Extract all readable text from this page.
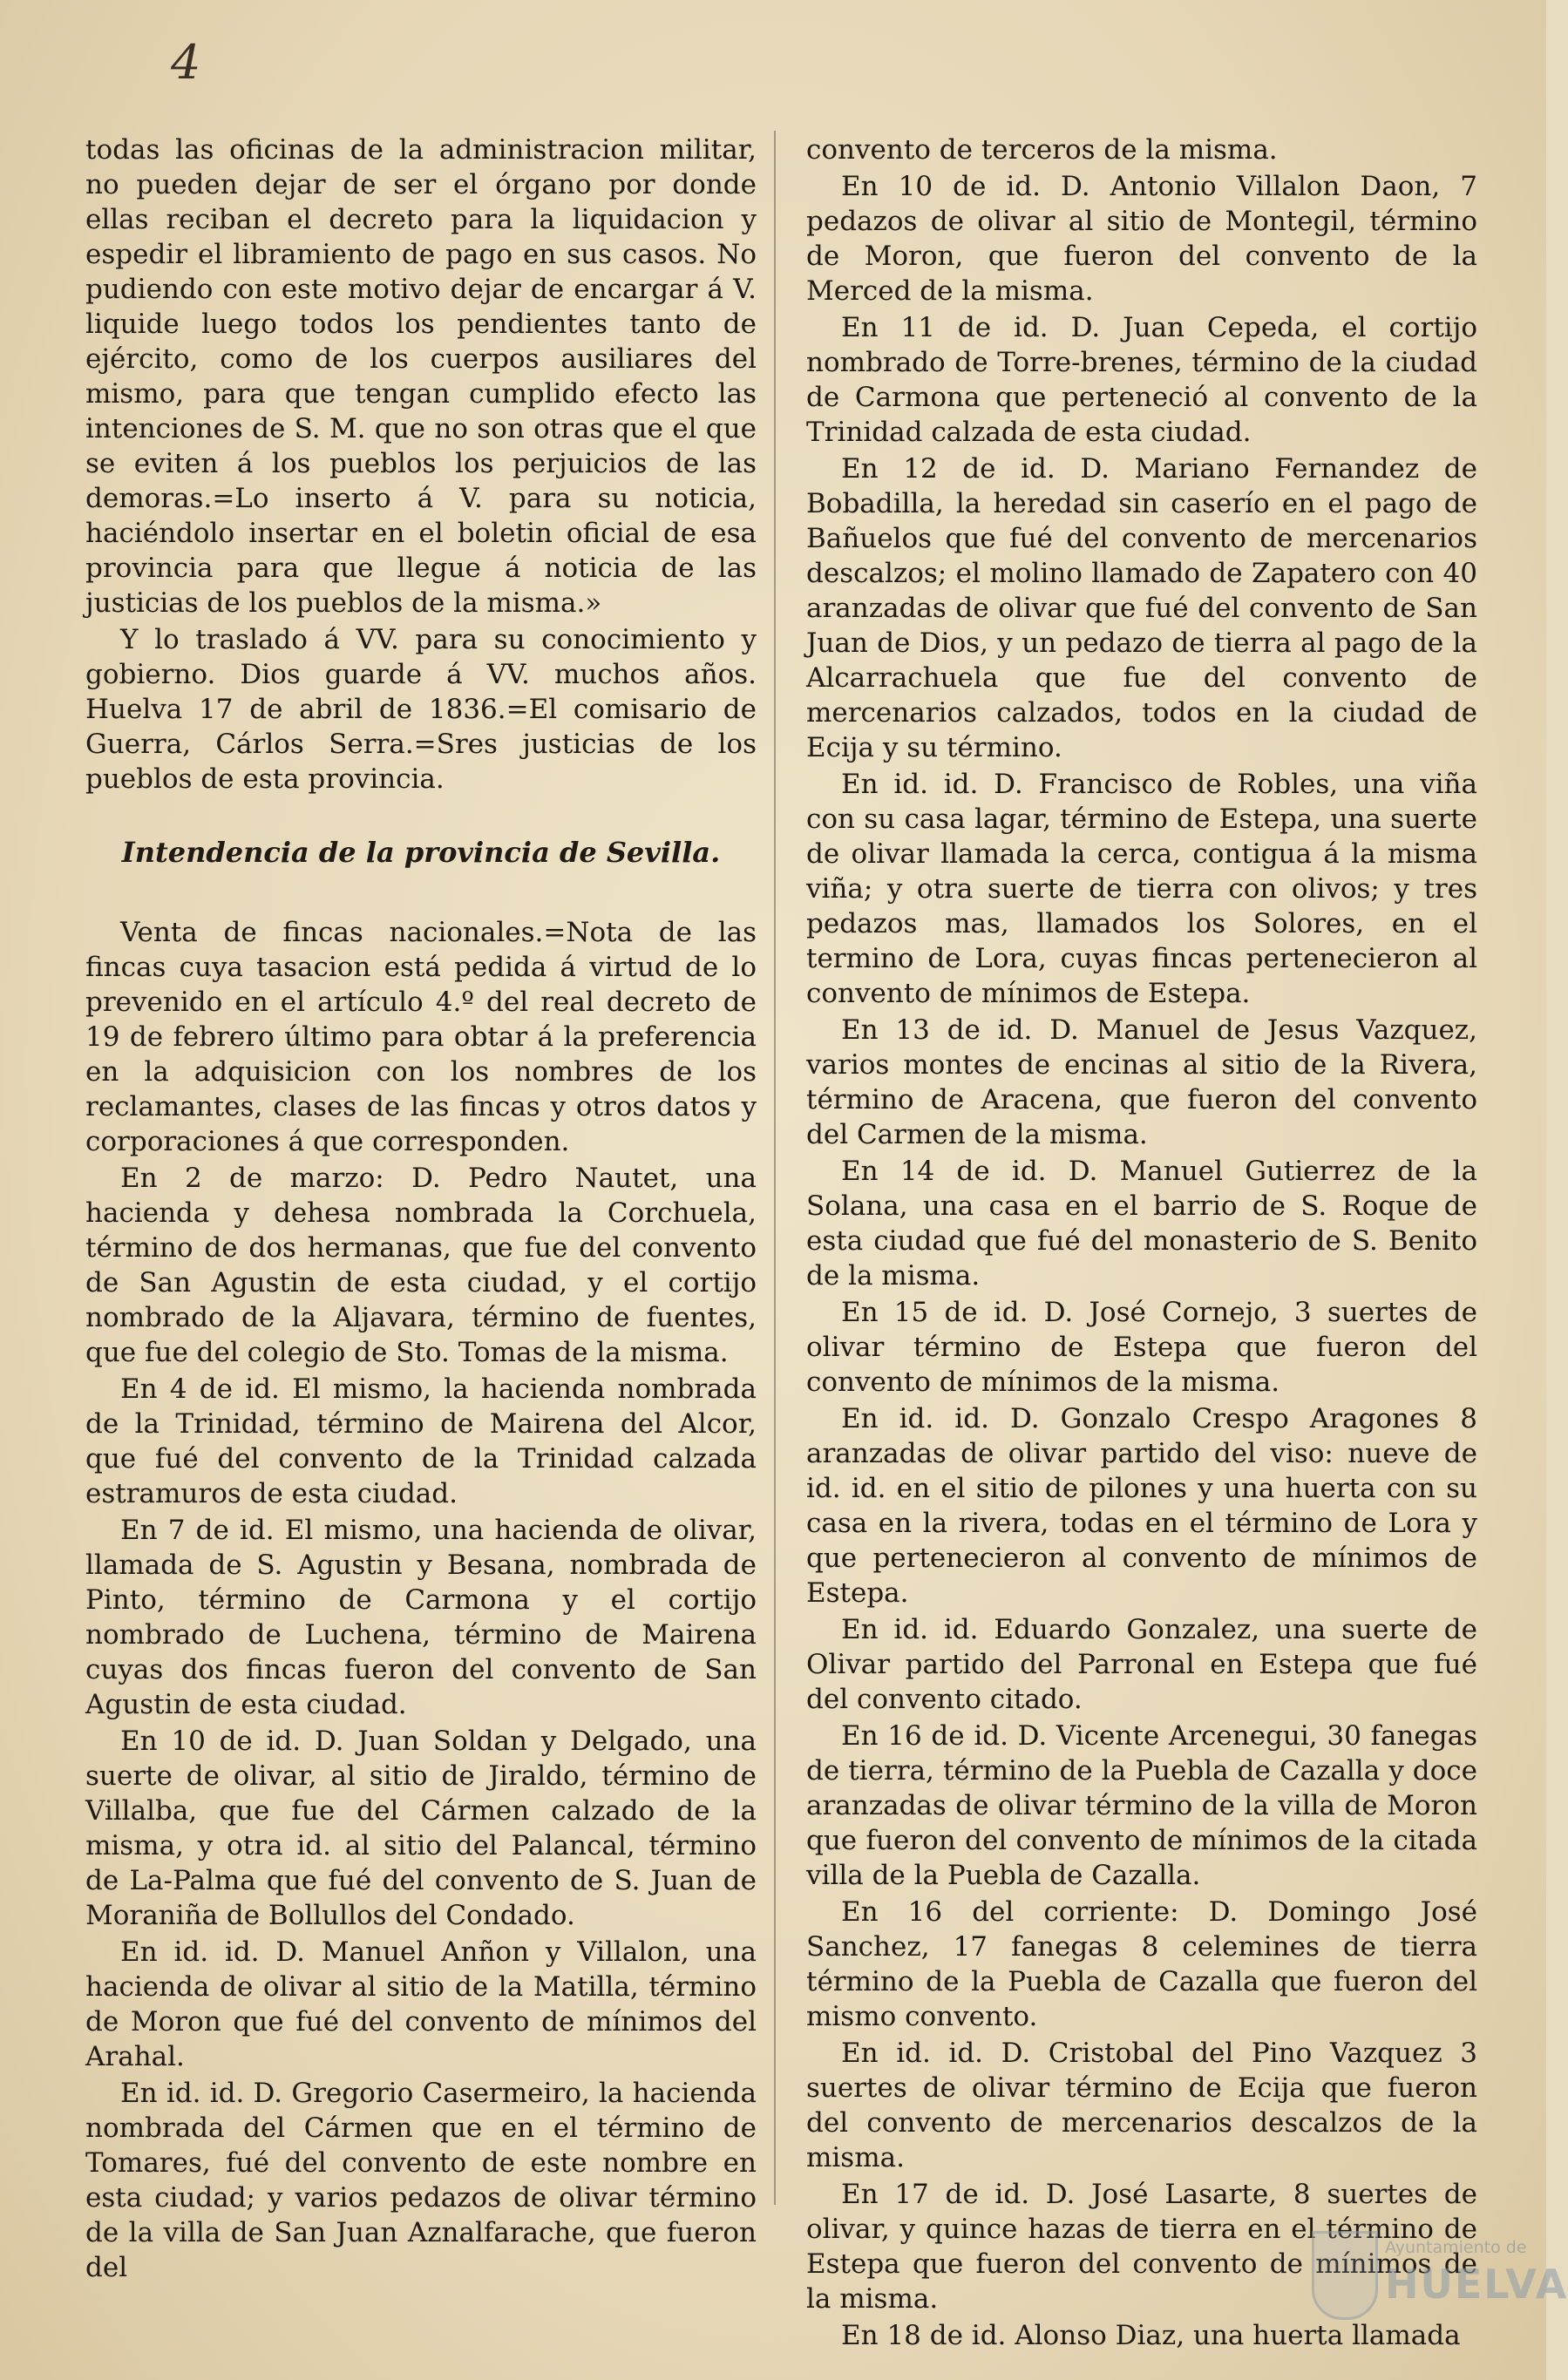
4

todas las oficinas de la administracion militar, no pueden dejar de ser el órgano por donde ellas reciban el decreto para la liquidacion y espedir el libramiento de pago en sus casos. No pudiendo con este motivo dejar de encargar á V. liquide luego todos los pendientes tanto de ejército, como de los cuerpos ausiliares del mismo, para que tengan cumplido efecto las intenciones de S. M. que no son otras que el que se eviten á los pueblos los perjuicios de las demoras.=Lo inserto á V. para su noticia, haciéndolo insertar en el boletin oficial de esa provincia para que llegue á noticia de las justicias de los pueblos de la misma.»

Y lo traslado á VV. para su conocimiento y gobierno. Dios guarde á VV. muchos años. Huelva 17 de abril de 1836.=El comisario de Guerra, Cárlos Serra.=Sres justicias de los pueblos de esta provincia.

Intendencia de la provincia de Sevilla.

Venta de fincas nacionales.=Nota de las fincas cuya tasacion está pedida á virtud de lo prevenido en el artículo 4.º del real decreto de 19 de febrero último para obtar á la preferencia en la adquisicion con los nombres de los reclamantes, clases de las fincas y otros datos y corporaciones á que corresponden.

En 2 de marzo: D. Pedro Nautet, una hacienda y dehesa nombrada la Corchuela, término de dos hermanas, que fue del convento de San Agustin de esta ciudad, y el cortijo nombrado de la Aljavara, término de fuentes, que fue del colegio de Sto. Tomas de la misma.

En 4 de id. El mismo, la hacienda nombrada de la Trinidad, término de Mairena del Alcor, que fué del convento de la Trinidad calzada estramuros de esta ciudad.

En 7 de id. El mismo, una hacienda de olivar, llamada de S. Agustin y Besana, nombrada de Pinto, término de Carmona y el cortijo nombrado de Luchena, término de Mairena cuyas dos fincas fueron del convento de San Agustin de esta ciudad.

En 10 de id. D. Juan Soldan y Delgado, una suerte de olivar, al sitio de Jiraldo, término de Villalba, que fue del Cármen calzado de la misma, y otra id. al sitio del Palancal, término de La-Palma que fué del convento de S. Juan de Moraniña de Bollullos del Condado.

En id. id. D. Manuel Anñon y Villalon, una hacienda de olivar al sitio de la Matilla, término de Moron que fué del convento de mínimos del Arahal.

En id. id. D. Gregorio Casermeiro, la hacienda nombrada del Cármen que en el término de Tomares, fué del convento de este nombre en esta ciudad; y varios pedazos de olivar término de la villa de San Juan Aznalfarache, que fueron del

convento de terceros de la misma.

En 10 de id. D. Antonio Villalon Daon, 7 pedazos de olivar al sitio de Montegil, término de Moron, que fueron del convento de la Merced de la misma.

En 11 de id. D. Juan Cepeda, el cortijo nombrado de Torre-brenes, término de la ciudad de Carmona que perteneció al convento de la Trinidad calzada de esta ciudad.

En 12 de id. D. Mariano Fernandez de Bobadilla, la heredad sin caserío en el pago de Bañuelos que fué del convento de mercenarios descalzos; el molino llamado de Zapatero con 40 aranzadas de olivar que fué del convento de San Juan de Dios, y un pedazo de tierra al pago de la Alcarrachuela que fue del convento de mercenarios calzados, todos en la ciudad de Ecija y su término.

En id. id. D. Francisco de Robles, una viña con su casa lagar, término de Estepa, una suerte de olivar llamada la cerca, contigua á la misma viña; y otra suerte de tierra con olivos; y tres pedazos mas, llamados los Solores, en el termino de Lora, cuyas fincas pertenecieron al convento de mínimos de Estepa.

En 13 de id. D. Manuel de Jesus Vazquez, varios montes de encinas al sitio de la Rivera, término de Aracena, que fueron del convento del Carmen de la misma.

En 14 de id. D. Manuel Gutierrez de la Solana, una casa en el barrio de S. Roque de esta ciudad que fué del monasterio de S. Benito de la misma.

En 15 de id. D. José Cornejo, 3 suertes de olivar término de Estepa que fueron del convento de mínimos de la misma.

En id. id. D. Gonzalo Crespo Aragones 8 aranzadas de olivar partido del viso: nueve de id. id. en el sitio de pilones y una huerta con su casa en la rivera, todas en el término de Lora y que pertenecieron al convento de mínimos de Estepa.

En id. id. Eduardo Gonzalez, una suerte de Olivar partido del Parronal en Estepa que fué del convento citado.

En 16 de id. D. Vicente Arcenegui, 30 fanegas de tierra, término de la Puebla de Cazalla y doce aranzadas de olivar término de la villa de Moron que fueron del convento de mínimos de la citada villa de la Puebla de Cazalla.

En 16 del corriente: D. Domingo José Sanchez, 17 fanegas 8 celemines de tierra término de la Puebla de Cazalla que fueron del mismo convento.

En id. id. D. Cristobal del Pino Vazquez 3 suertes de olivar término de Ecija que fueron del convento de mercenarios descalzos de la misma.

En 17 de id. D. José Lasarte, 8 suertes de olivar, y quince hazas de tierra en el término de Estepa que fueron del convento de mínimos de la misma.

En 18 de id. Alonso Diaz, una huerta llamada

Ayuntamiento de
HUELVA
